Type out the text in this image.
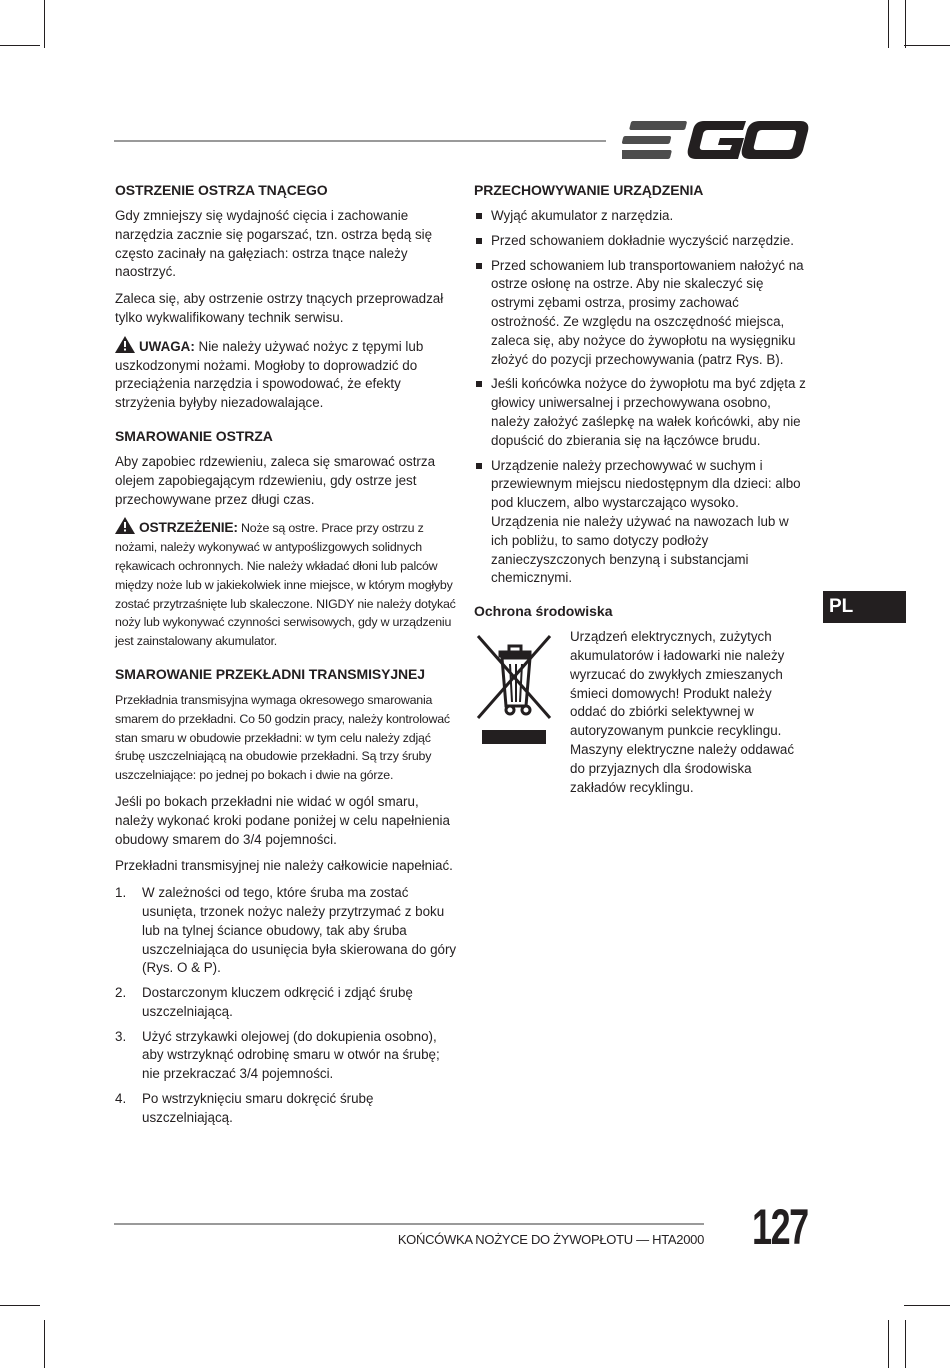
OSTRZENIE OSTRZA TNĄCEGO

Gdy zmniejszy się wydajność cięcia i zachowanie narzędzia zacznie się pogarszać, tzn. ostrza będą się często zacinały na gałęziach: ostrza tnące należy naostrzyć.

Zaleca się, aby ostrzenie ostrzy tnących przeprowadzał tylko wykwalifikowany technik serwisu.

UWAGA: Nie należy używać nożyc z tępymi lub uszkodzonymi nożami. Mogłoby to doprowadzić do przeciążenia narzędzia i spowodować, że efekty strzyżenia byłyby niezadowalające.

SMAROWANIE OSTRZA

Aby zapobiec rdzewieniu, zaleca się smarować ostrza olejem zapobiegającym rdzewieniu, gdy ostrze jest przechowywane przez długi czas.

OSTRZEŻENIE: Noże są ostre. Prace przy ostrzu z nożami, należy wykonywać w antypoślizgowych solidnych rękawicach ochronnych. Nie należy wkładać dłoni lub palców między noże lub w jakiekolwiek inne miejsce, w którym mogłyby zostać przytrzaśnięte lub skaleczone. NIGDY nie należy dotykać noży lub wykonywać czynności serwisowych, gdy w urządzeniu jest zainstalowany akumulator.

SMAROWANIE PRZEKŁADNI TRANSMISYJNEJ

Przekładnia transmisyjna wymaga okresowego smarowania smarem do przekładni. Co 50 godzin pracy, należy kontrolować stan smaru w obudowie przekładni: w tym celu należy zdjąć śrubę uszczelniającą na obudowie przekładni. Są trzy śruby uszczelniające: po jednej po bokach i dwie na górze.

Jeśli po bokach przekładni nie widać w ogól smaru, należy wykonać kroki podane poniżej w celu napełnienia obudowy smarem do 3/4 pojemności.

Przekładni transmisyjnej nie należy całkowicie napełniać.

1. W zależności od tego, które śruba ma zostać usunięta, trzonek nożyc należy przytrzymać z boku lub na tylnej ściance obudowy, tak aby śruba uszczelniająca do usunięcia była skierowana do góry (Rys. O & P).
2. Dostarczonym kluczem odkręcić i zdjąć śrubę uszczelniającą.
3. Użyć strzykawki olejowej (do dokupienia osobno), aby wstrzyknąć odrobinę smaru w otwór na śrubę; nie przekraczać 3/4 pojemności.
4. Po wstrzyknięciu smaru dokręcić śrubę uszczelniającą.
PRZECHOWYWANIE URZĄDZENIA
Wyjąć akumulator z narzędzia.
Przed schowaniem dokładnie wyczyścić narzędzie.
Przed schowaniem lub transportowaniem nałożyć na ostrze osłonę na ostrze. Aby nie skaleczyć się ostrymi zębami ostrza, prosimy zachować ostrożność. Ze względu na oszczędność miejsca, zaleca się, aby nożyce do żywopłotu na wysięgniku złożyć do pozycji przechowywania (patrz Rys. B).
Jeśli końcówka nożyce do żywopłotu ma być zdjęta z głowicy uniwersalnej i przechowywana osobno, należy założyć zaślepkę na wałek końcówki, aby nie dopuścić do zbierania się na łączówce brudu.
Urządzenie należy przechowywać w suchym i przewiewnym miejscu niedostępnym dla dzieci: albo pod kluczem, albo wystarczająco wysoko. Urządzenia nie należy używać na nawozach lub w ich pobliżu, to samo dotyczy podłoży zanieczyszczonych benzyną i substancjami chemicznymi.
Ochrona środowiska
Urządzeń elektrycznych, zużytych akumulatorów i ładowarki nie należy wyrzucać do zwykłych zmieszanych śmieci domowych! Produkt należy oddać do zbiórki selektywnej w autoryzowanym punkcie recyklingu. Maszyny elektryczne należy oddawać do przyjaznych dla środowiska zakładów recyklingu.
PL
KOŃCÓWKA NOŻYCE DO ŻYWOPŁOTU — HTA2000 127
